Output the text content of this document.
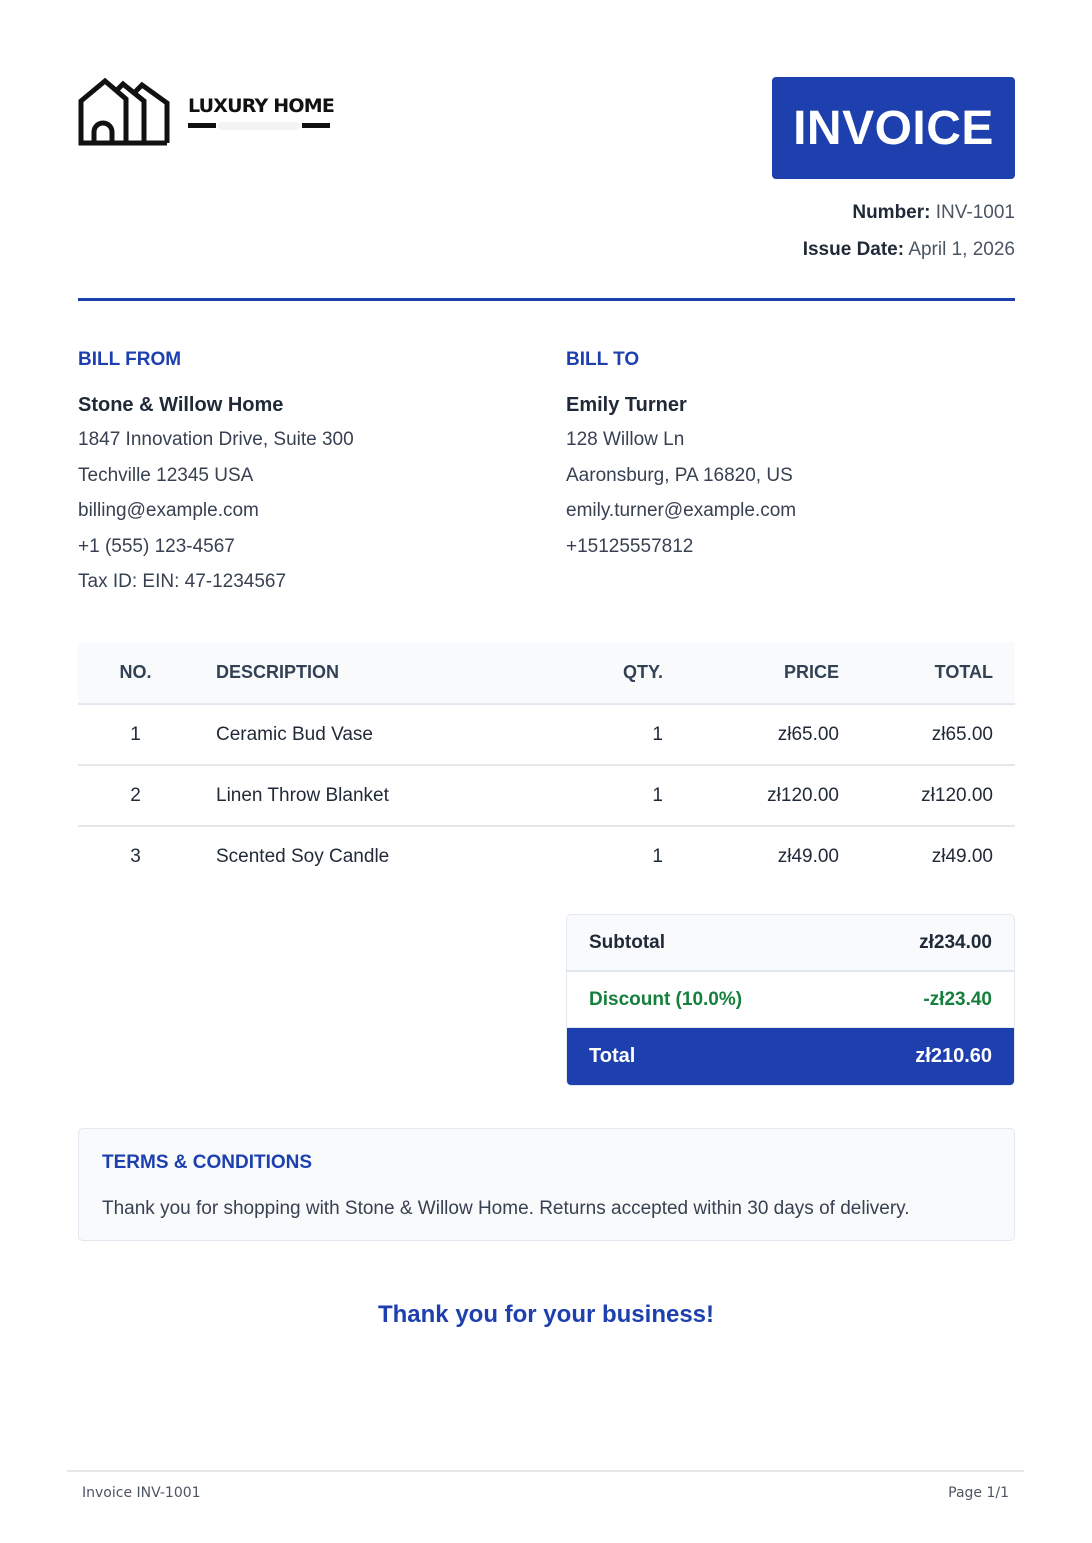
LUXURY HOME	INVOICE
Number: INV-1001
Issue Date: April 1, 2026
BILL FROM
Stone & Willow Home
1847 Innovation Drive, Suite 300
Techville 12345 USA
billing@example.com
+1 (555) 123-4567
Tax ID: EIN: 47-1234567
BILL TO
Emily Turner
128 Willow Ln
Aaronsburg, PA 16820, US
emily.turner@example.com
+15125557812
NO.	DESCRIPTION	QTY.	PRICE	TOTAL
1	Ceramic Bud Vase	1	zł65.00	zł65.00
2	Linen Throw Blanket	1	zł120.00	zł120.00
3	Scented Soy Candle	1	zł49.00	zł49.00
Subtotal	zł234.00
Discount (10.0%)	-zł23.40
Total	zł210.60
TERMS & CONDITIONS

Thank you for shopping with Stone & Willow Home. Returns accepted within 30 days of delivery.

Thank you for your business!
Invoice INV-1001	Page 1/1
